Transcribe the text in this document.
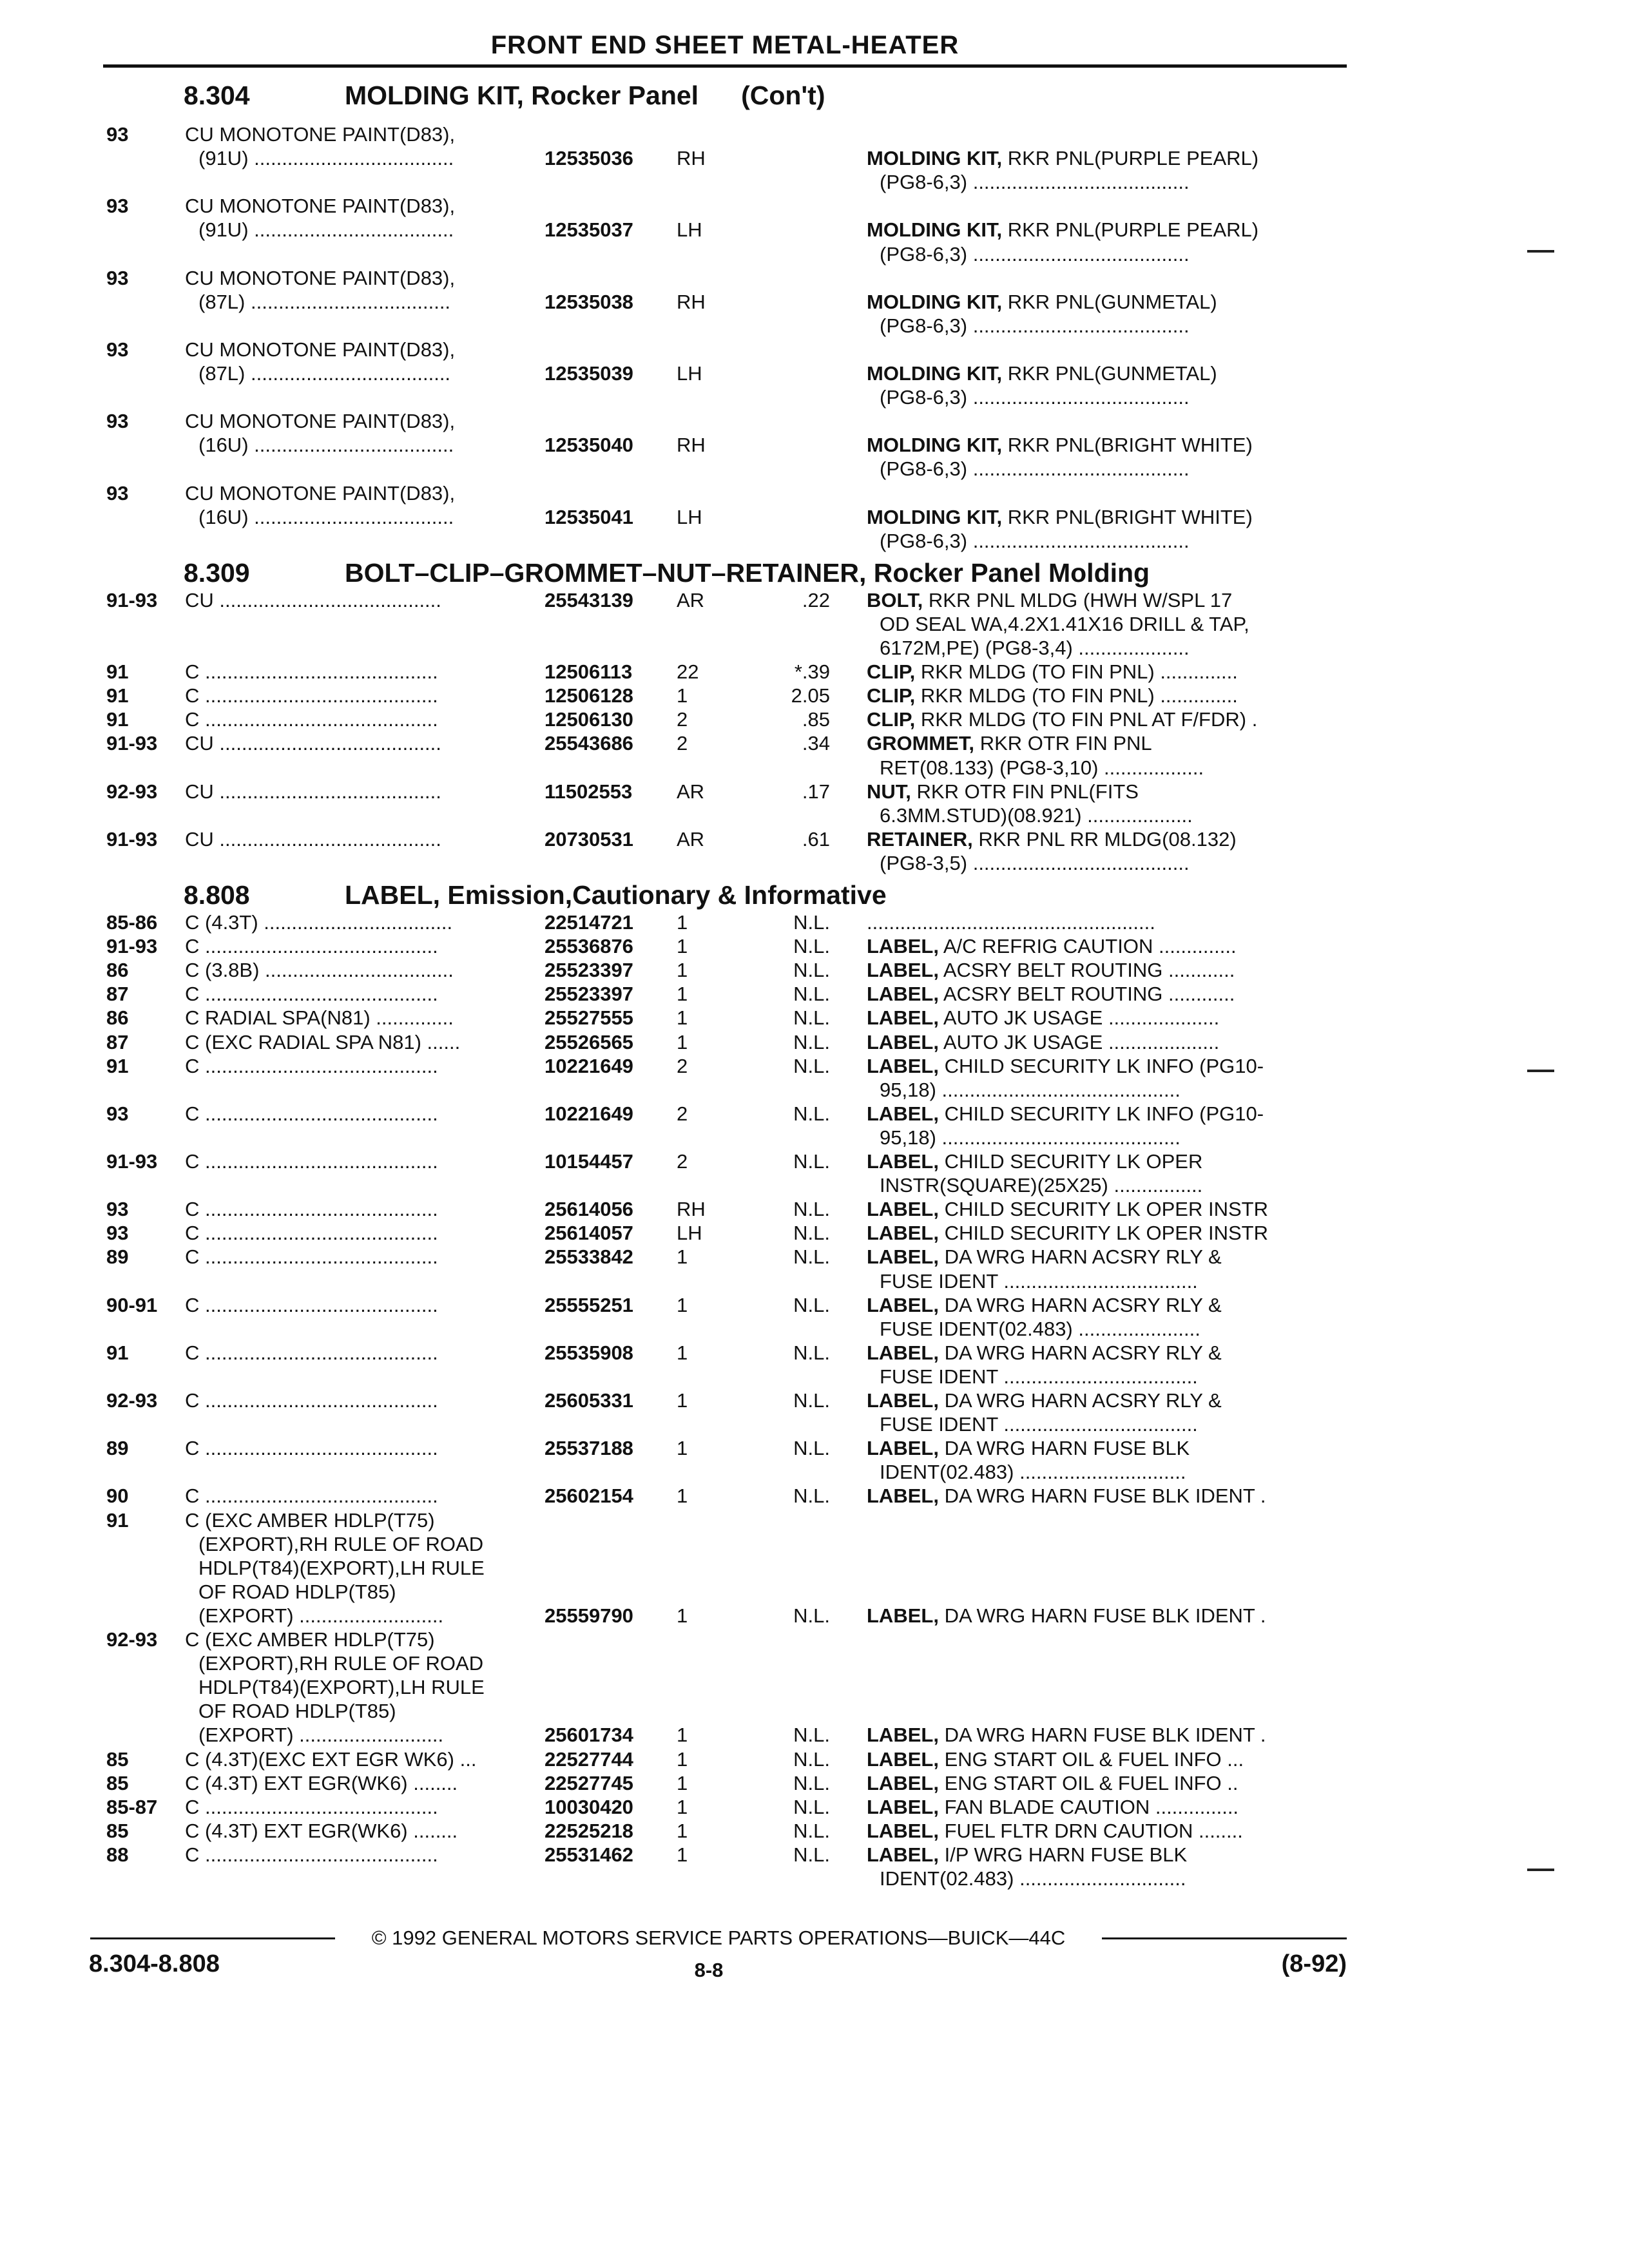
FRONT END SHEET METAL-HEATER
93	CU MONOTONE PAINT(D83),
(91U) ....................................	12535036 RH	MOLDING KIT, RKR PNL(PURPLE PEARL)
(PG8-6,3) .......................................
93	CU MONOTONE PAINT(D83),
(91U) ....................................	12535037 LH	MOLDING KIT, RKR PNL(PURPLE PEARL)
(PG8-6,3) .......................................
93	CU MONOTONE PAINT(D83),
(87L) ....................................	12535038 RH	MOLDING KIT, RKR PNL(GUNMETAL)
(PG8-6,3) .......................................
93	CU MONOTONE PAINT(D83),
(87L) ....................................	12535039 LH	MOLDING KIT, RKR PNL(GUNMETAL)
(PG8-6,3) .......................................
93	CU MONOTONE PAINT(D83),
(16U) ....................................	12535040 RH	MOLDING KIT, RKR PNL(BRIGHT WHITE)
(PG8-6,3) .......................................
93	CU MONOTONE PAINT(D83),
(16U) ....................................	12535041 LH	MOLDING KIT, RKR PNL(BRIGHT WHITE)
(PG8-6,3) .......................................
8.309	BOLT–CLIP–GROMMET–NUT–RETAINER, Rocker Panel Molding
91-93 CU ........................................	25543139 AR	.22 BOLT, RKR PNL MLDG (HWH W/SPL 17
OD SEAL WA,4.2X1.41X16 DRILL & TAP,
6172M,PE) (PG8-3,4) ....................
91	C ..........................................	12506113 22	*.39 CLIP, RKR MLDG (TO FIN PNL) ..............
91	C ..........................................	12506128 1	2.05 CLIP, RKR MLDG (TO FIN PNL) ..............
91	C ..........................................	12506130 2	.85 CLIP, RKR MLDG (TO FIN PNL AT F/FDR) .
91-93 CU ........................................	25543686 2	.34 GROMMET, RKR OTR FIN PNL
RET(08.133) (PG8-3,10) ..................
92-93 CU ........................................	11502553 AR	.17 NUT, RKR OTR FIN PNL(FITS
6.3MM.STUD)(08.921) ...................
91-93 CU ........................................	20730531 AR	.61 RETAINER, RKR PNL RR MLDG(08.132)
(PG8-3,5) .......................................
8.808	LABEL, Emission,Cautionary & Informative
85-86 C (4.3T) ..................................	22514721 1	N.L. ....................................................
91-93 C ..........................................	25536876 1	N.L. LABEL, A/C REFRIG CAUTION ..............
86	C (3.8B) ..................................	25523397 1	N.L. LABEL, ACSRY BELT ROUTING ............
87	C ..........................................	25523397 1	N.L. LABEL, ACSRY BELT ROUTING ............
86	C RADIAL SPA(N81) ..............	25527555 1	N.L. LABEL, AUTO JK USAGE ....................
87	C (EXC RADIAL SPA N81) ......	25526565 1	N.L. LABEL, AUTO JK USAGE ....................
91	C ..........................................	10221649 2	N.L. LABEL, CHILD SECURITY LK INFO (PG10-
95,18) ...........................................
93	C ..........................................	10221649 2	N.L. LABEL, CHILD SECURITY LK INFO (PG10-
95,18) ...........................................
91-93 C ..........................................	10154457 2	N.L. LABEL, CHILD SECURITY LK OPER
INSTR(SQUARE)(25X25) ................
93	C ..........................................	25614056 RH	N.L. LABEL, CHILD SECURITY LK OPER INSTR
93	C ..........................................	25614057 LH	N.L. LABEL, CHILD SECURITY LK OPER INSTR
89	C ..........................................	25533842 1	N.L. LABEL, DA WRG HARN ACSRY RLY &
FUSE IDENT ...................................
90-91 C ..........................................	25555251 1	N.L. LABEL, DA WRG HARN ACSRY RLY &
FUSE IDENT(02.483) ......................
91	C ..........................................	25535908 1	N.L. LABEL, DA WRG HARN ACSRY RLY &
FUSE IDENT ...................................
92-93 C ..........................................	25605331 1	N.L. LABEL, DA WRG HARN ACSRY RLY &
FUSE IDENT ...................................
89	C ..........................................	25537188 1	N.L. LABEL, DA WRG HARN FUSE BLK
IDENT(02.483) ..............................
90	C ..........................................	25602154 1	N.L. LABEL, DA WRG HARN FUSE BLK IDENT .
91	C (EXC AMBER HDLP(T75)
(EXPORT),RH RULE OF ROAD
HDLP(T84)(EXPORT),LH RULE
OF ROAD HDLP(T85)
(EXPORT) ..........................	25559790 1	N.L. LABEL, DA WRG HARN FUSE BLK IDENT .
92-93 C (EXC AMBER HDLP(T75)
(EXPORT),RH RULE OF ROAD
HDLP(T84)(EXPORT),LH RULE
OF ROAD HDLP(T85)
(EXPORT) ..........................	25601734 1	N.L. LABEL, DA WRG HARN FUSE BLK IDENT .
85	C (4.3T)(EXC EXT EGR WK6) ...	22527744 1	N.L. LABEL, ENG START OIL & FUEL INFO ...
85	C (4.3T) EXT EGR(WK6) ........	22527745 1	N.L. LABEL, ENG START OIL & FUEL INFO ..
85-87 C ..........................................	10030420 1	N.L. LABEL, FAN BLADE CAUTION ...............
85	C (4.3T) EXT EGR(WK6) ........	22525218 1	N.L. LABEL, FUEL FLTR DRN CAUTION ........
88	C ..........................................	25531462 1	N.L. LABEL, I/P WRG HARN FUSE BLK
IDENT(02.483) ..............................
8.304	MOLDING KIT, Rocker Panel (Con't)
© 1992 GENERAL MOTORS SERVICE PARTS OPERATIONS—BUICK—44C
8.304-8.808	8-8	(8-92)
